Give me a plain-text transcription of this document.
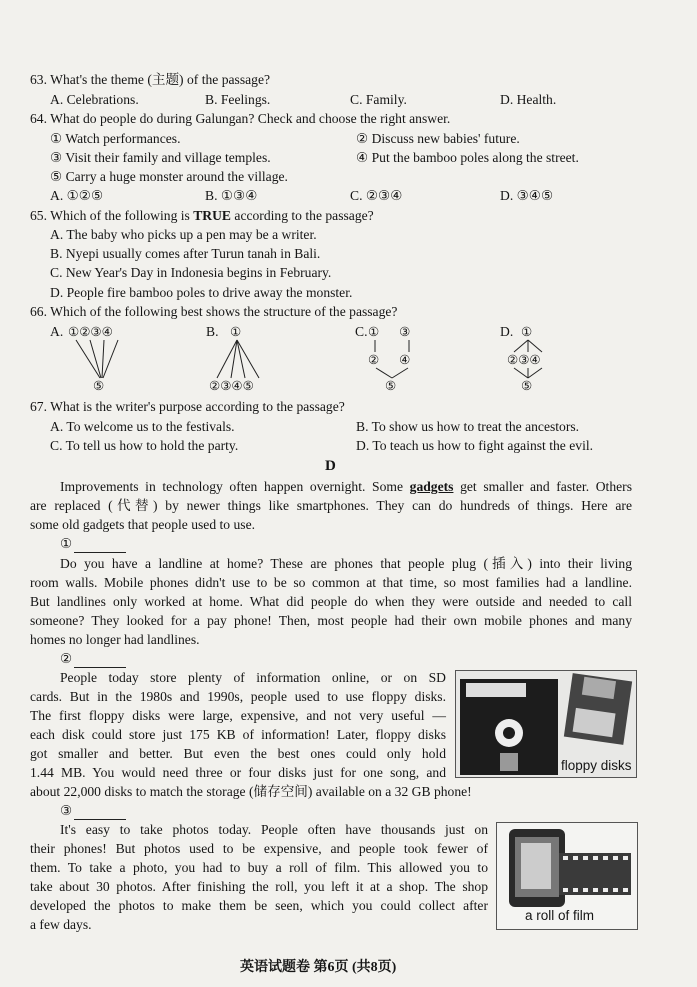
63. What's the theme (主题) of the passage?
A. Celebrations.	B. Feelings.	C. Family.	D. Health.
64. What do people do during Galungan? Check and choose the right answer.
① Watch performances.	② Discuss new babies' future.
③ Visit their family and village temples.	④ Put the bamboo poles along the street.
⑤ Carry a huge monster around the village.
A. ①②⑤	B. ①③④	C. ②③④	D. ③④⑤
65. Which of the following is TRUE according to the passage?
A. The baby who picks up a pen may be a writer.
B. Nyepi usually comes after Turun tanah in Bali.
C. New Year's Day in Indonesia begins in February.
D. People fire bamboo poles to drive away the monster.
66. Which of the following best shows the structure of the passage?
A. ①②③④
⑤
B. ①
②③④⑤
C. ① ③
② ④
⑤
D. ①
②③④
⑤
67. What is the writer's purpose according to the passage?
A. To welcome us to the festivals.	B. To show us how to treat the ancestors.
C. To tell us how to hold the party.	D. To teach us how to fight against the evil.
D
Improvements in technology often happen overnight. Some gadgets get smaller and faster. Others
are replaced (代替) by newer things like smartphones. They can do hundreds of things. Here are
some old gadgets that people used to use.
①
Do you have a landline at home? These are phones that people plug (插入) into their living
room walls. Mobile phones didn't use to be so common at that time, so most families had a landline.
But landlines only worked at home. What did people do when they were outside and needed to call
someone? They looked for a pay phone! Then, most people had their own mobile phones and many
homes no longer had landlines.
②
People today store plenty of information online, or on SD
cards. But in the 1980s and 1990s, people used to use floppy disks.
The first floppy disks were large, expensive, and not very useful —
each disk could store just 175 KB of information! Later, floppy disks
got smaller and better. But even the best ones could only hold
1.44 MB. You would need three or four disks just for one song, and
about 22,000 disks to match the storage (储存空间) available on a 32 GB phone!
floppy disks
③
It's easy to take photos today. People often have thousands just on
their phones! But photos used to be expensive, and people took fewer of
them. To take a photo, you had to buy a roll of film. This allowed you to
take about 30 photos. After finishing the roll, you left it at a shop. The shop
developed the photos to make them be seen, which you could collect after
a few days.
a roll of film
英语试题卷 第6页 (共8页)
